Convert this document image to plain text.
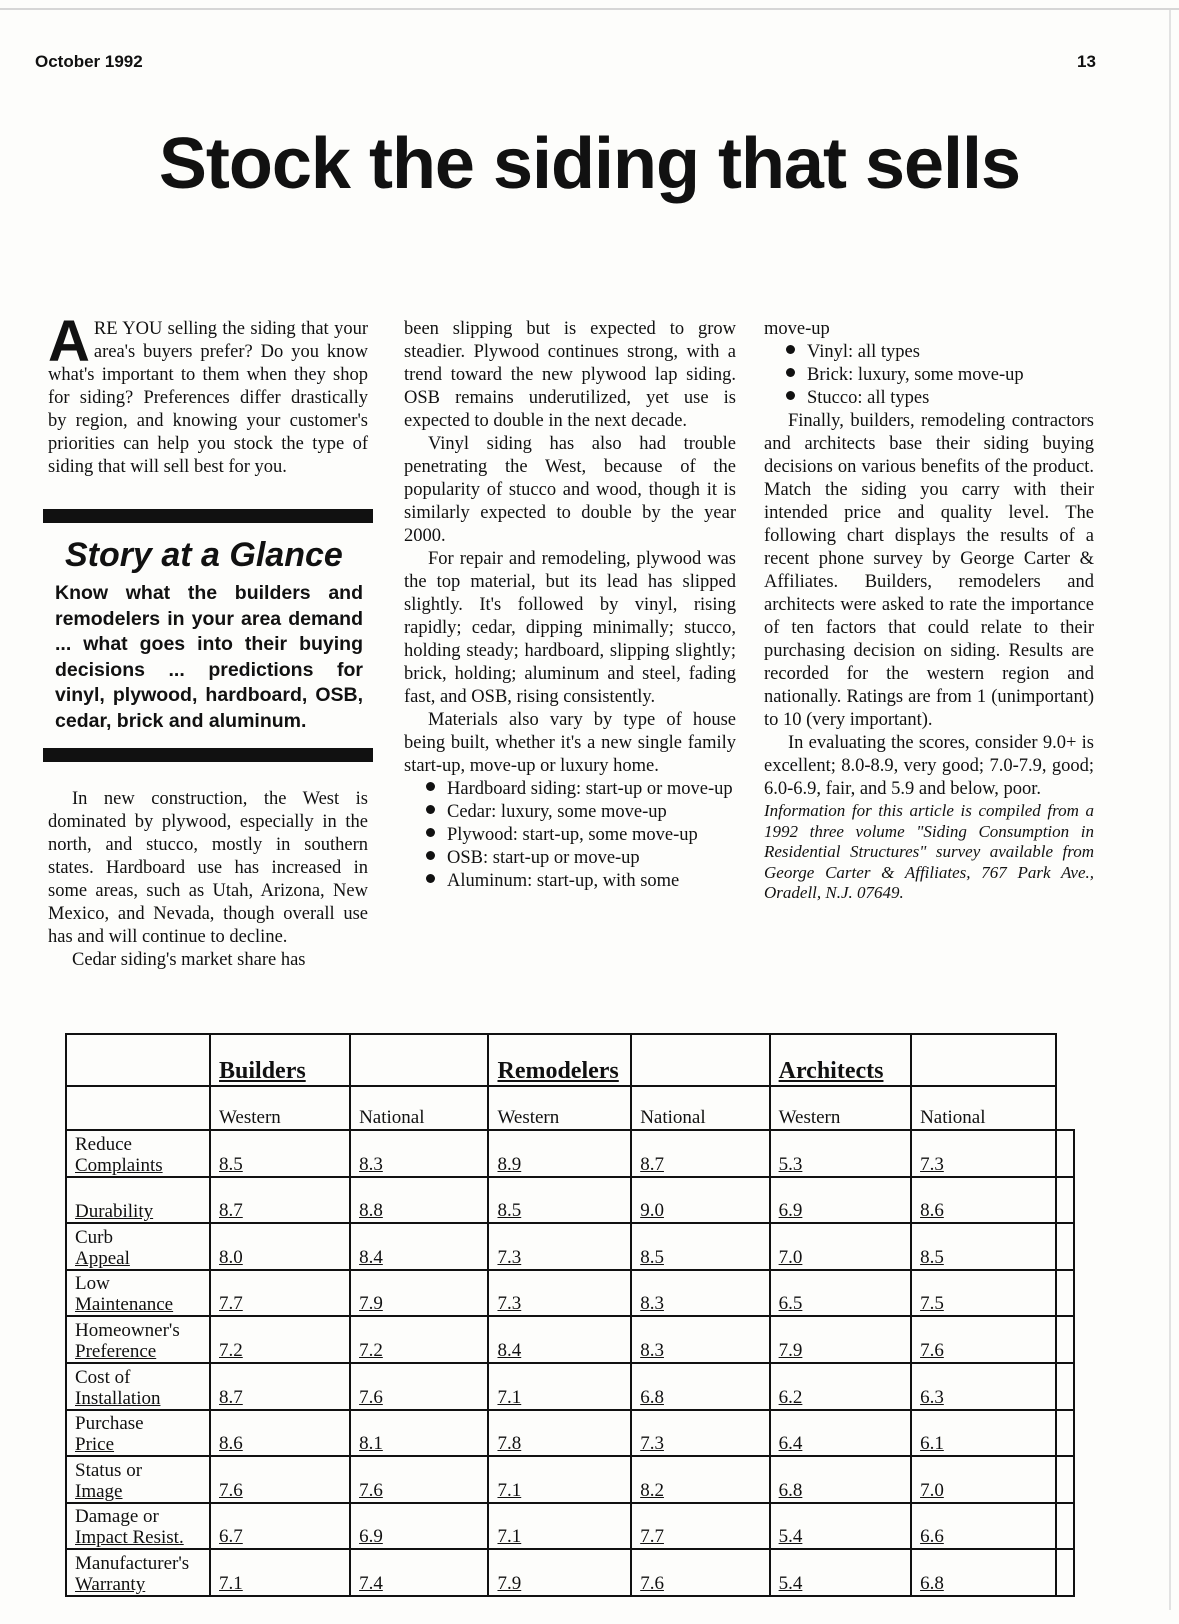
October 1992	13
Stock the siding that sells

ARE YOU selling the siding that your area's buyers prefer? Do you know what's important to them when they shop for siding? Preferences differ drastically by region, and knowing your customer's priorities can help you stock the type of siding that will sell best for you.

Story at a Glance
Know what the builders and remodelers in your area demand ... what goes into their buying decisions ... predictions for vinyl, plywood, hardboard, OSB, cedar, brick and aluminum.

In new construction, the West is dominated by plywood, especially in the north, and stucco, mostly in southern states. Hardboard use has increased in some areas, such as Utah, Arizona, New Mexico, and Nevada, though overall use has and will continue to decline.

Cedar siding's market share has

been slipping but is expected to grow steadier. Plywood continues strong, with a trend toward the new plywood lap siding. OSB remains underutilized, yet use is expected to double in the next decade.

Vinyl siding has also had trouble penetrating the West, because of the popularity of stucco and wood, though it is similarly expected to double by the year 2000.

For repair and remodeling, plywood was the top material, but its lead has slipped slightly. It's followed by vinyl, rising rapidly; cedar, dipping minimally; stucco, holding steady; hardboard, slipping slightly; brick, holding; aluminum and steel, fading fast, and OSB, rising consistently.

Materials also vary by type of house being built, whether it's a new single family start-up, move-up or luxury home.

Hardboard siding: start-up or move-up

Cedar: luxury, some move-up

Plywood: start-up, some move-up

OSB: start-up or move-up

Aluminum: start-up, with some

move-up

Vinyl: all types

Brick: luxury, some move-up

Stucco: all types

Finally, builders, remodeling contractors and architects base their siding buying decisions on various benefits of the product. Match the siding you carry with their intended price and quality level. The following chart displays the results of a recent phone survey by George Carter & Affiliates. Builders, remodelers and architects were asked to rate the importance of ten factors that could relate to their purchasing decision on siding. Results are recorded for the western region and nationally. Ratings are from 1 (unimportant) to 10 (very important).

In evaluating the scores, consider 9.0+ is excellent; 8.0-8.9, very good; 7.0-7.9, good; 6.0-6.9, fair, and 5.9 and below, poor.

Information for this article is compiled from a 1992 three volume "Siding Consumption in Residential Structures" survey available from George Carter & Affiliates, 767 Park Ave., Oradell, N.J. 07649.

	Builders		Remodelers		Architects		
	Western	National	Western	National	Western	National	

Reduce
Complaints	8.5	8.3	8.9	8.7	5.3	7.3	

Durability	8.7	8.8	8.5	9.0	6.9	8.6	

Curb
Appeal	8.0	8.4	7.3	8.5	7.0	8.5	

Low
Maintenance	7.7	7.9	7.3	8.3	6.5	7.5	

Homeowner's
Preference	7.2	7.2	8.4	8.3	7.9	7.6	

Cost of
Installation	8.7	7.6	7.1	6.8	6.2	6.3	

Purchase
Price	8.6	8.1	7.8	7.3	6.4	6.1	

Status or
Image	7.6	7.6	7.1	8.2	6.8	7.0	

Damage or
Impact Resist.	6.7	6.9	7.1	7.7	5.4	6.6	

Manufacturer's
Warranty	7.1	7.4	7.9	7.6	5.4	6.8	
